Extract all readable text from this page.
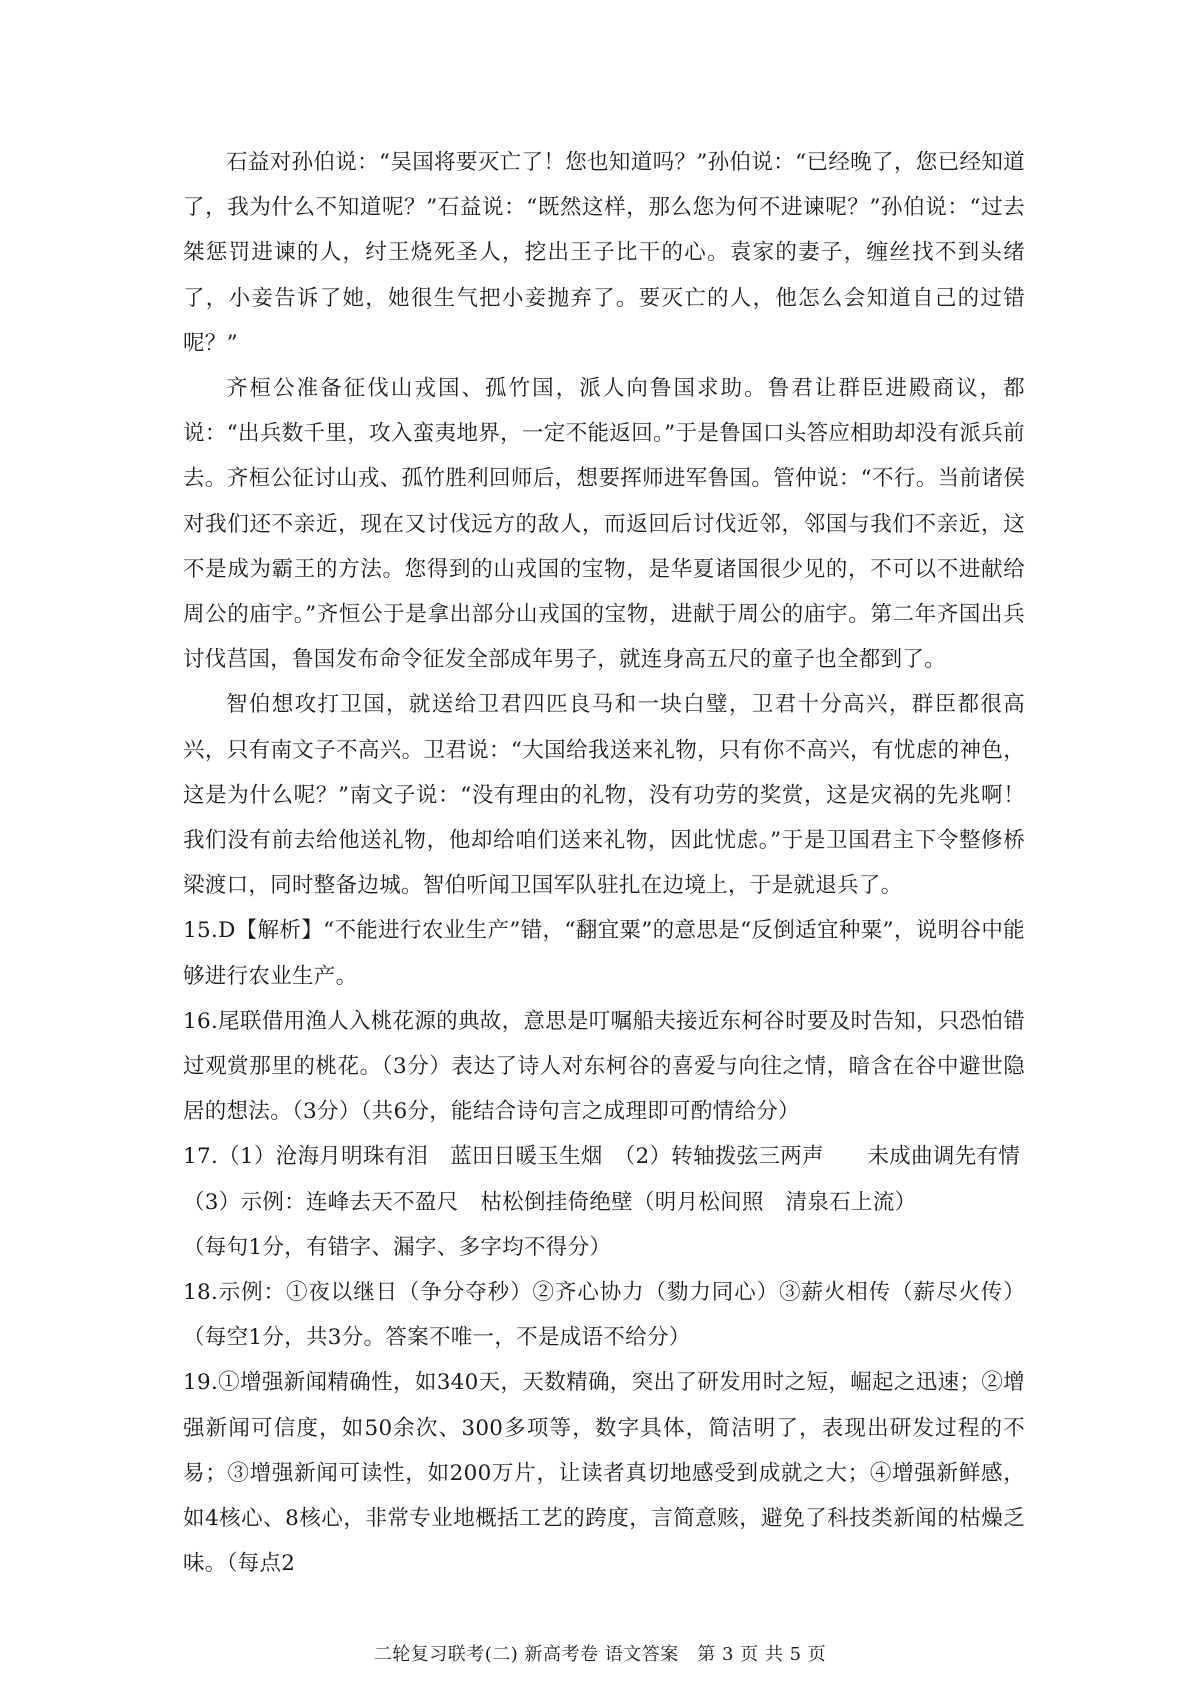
石益对孙伯说：“吴国将要灭亡了！您也知道吗？”孙伯说：“已经晚了，您已经知道了，我为什么不知道呢？”石益说：“既然这样，那么您为何不进谏呢？”孙伯说：“过去桀惩罚进谏的人，纣王烧死圣人，挖出王子比干的心。袁家的妻子，缠丝找不到头绪了，小妾告诉了她，她很生气把小妾抛弃了。要灭亡的人，他怎么会知道自己的过错呢？”

齐桓公准备征伐山戎国、孤竹国，派人向鲁国求助。鲁君让群臣进殿商议，都说：“出兵数千里，攻入蛮夷地界，一定不能返回。”于是鲁国口头答应相助却没有派兵前去。齐桓公征讨山戎、孤竹胜利回师后，想要挥师进军鲁国。管仲说：“不行。当前诸侯对我们还不亲近，现在又讨伐远方的敌人，而返回后讨伐近邻，邻国与我们不亲近，这不是成为霸王的方法。您得到的山戎国的宝物，是华夏诸国很少见的，不可以不进献给周公的庙宇。”齐恒公于是拿出部分山戎国的宝物，进献于周公的庙宇。第二年齐国出兵讨伐莒国，鲁国发布命令征发全部成年男子，就连身高五尺的童子也全都到了。

智伯想攻打卫国，就送给卫君四匹良马和一块白璧，卫君十分高兴，群臣都很高兴，只有南文子不高兴。卫君说：“大国给我送来礼物，只有你不高兴，有忧虑的神色，这是为什么呢？”南文子说：“没有理由的礼物，没有功劳的奖赏，这是灾祸的先兆啊！我们没有前去给他送礼物，他却给咱们送来礼物，因此忧虑。”于是卫国君主下令整修桥梁渡口，同时整备边城。智伯听闻卫国军队驻扎在边境上，于是就退兵了。

15.D【解析】“不能进行农业生产”错，“翻宜粟”的意思是“反倒适宜种粟”，说明谷中能够进行农业生产。

16.尾联借用渔人入桃花源的典故，意思是叮嘱船夫接近东柯谷时要及时告知，只恐怕错过观赏那里的桃花。（3分）表达了诗人对东柯谷的喜爱与向往之情，暗含在谷中避世隐居的想法。（3分）（共6分，能结合诗句言之成理即可酌情给分）

17.（1）沧海月明珠有泪　蓝田日暖玉生烟　（2）转轴拨弦三两声　　未成曲调先有情

（3）示例：连峰去天不盈尺　枯松倒挂倚绝壁（明月松间照　清泉石上流）

（每句1分，有错字、漏字、多字均不得分）

18.示例：①夜以继日（争分夺秒）②齐心协力（勠力同心）③薪火相传（薪尽火传）（每空1分，共3分。答案不唯一，不是成语不给分）

19.①增强新闻精确性，如340天，天数精确，突出了研发用时之短，崛起之迅速；②增强新闻可信度，如50余次、300多项等，数字具体，简洁明了，表现出研发过程的不易；③增强新闻可读性，如200万片，让读者真切地感受到成就之大；④增强新鲜感，如4核心、8核心，非常专业地概括工艺的跨度，言简意赅，避免了科技类新闻的枯燥乏味。（每点2

二轮复习联考(二) 新高考卷 语文答案　第 3 页 共 5 页
